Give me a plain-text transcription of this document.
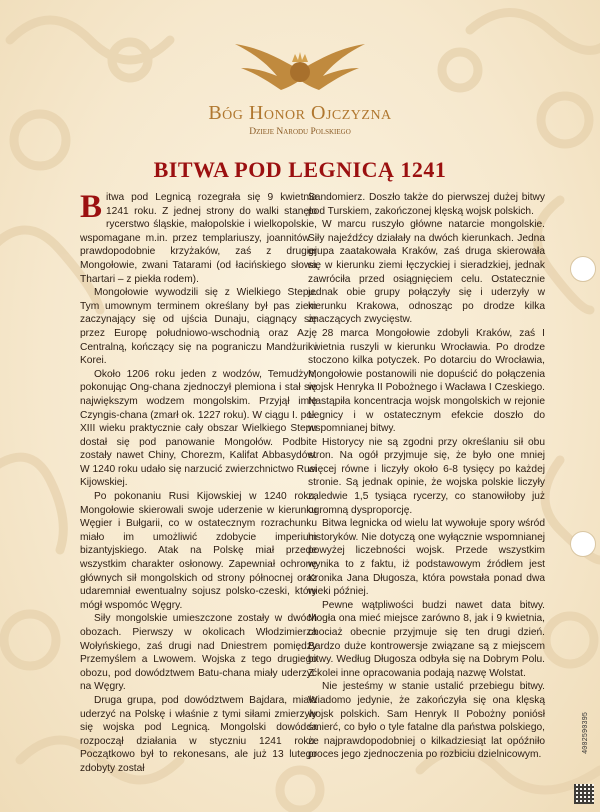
Bóg Honor Ojczyzna
Dzieje Narodu Polskiego
BITWA POD LEGNICĄ 1241

Bitwa pod Legnicą rozegrała się 9 kwietnia 1241 roku. Z jednej strony do walki stanęło rycerstwo śląskie, małopolskie i wielkopolskie, wspomagane m.in. przez templariuszy, joannitów i prawdopodobnie krzyżaków, zaś z drugiej Mongołowie, zwani Tatarami (od łacińskiego słowa Thartari – z piekła rodem).

Mongołowie wywodzili się z Wielkiego Stepu. Tym umownym terminem określany był pas ziem zaczynający się od ujścia Dunaju, ciągnący się przez Europę południowo-wschodnią oraz Azję Centralną, kończący się na pograniczu Mandżurii i Korei.

Około 1206 roku jeden z wodzów, Temudżyn, pokonując Ong-chana zjednoczył plemiona i stał się największym wodzem mongolskim. Przyjął imię Czyngis-chana (zmarł ok. 1227 roku). W ciągu I. poł. XIII wieku praktycznie cały obszar Wielkiego Stepu dostał się pod panowanie Mongołów. Podbite zostały nawet Chiny, Chorezm, Kalifat Abbasydów. W 1240 roku udało się narzucić zwierzchnictwo Rusi Kijowskiej.

Po pokonaniu Rusi Kijowskiej w 1240 roku, Mongołowie skierowali swoje uderzenie w kierunku Węgier i Bułgarii, co w ostatecznym rozrachunku miało im umożliwić zdobycie imperium bizantyjskiego. Atak na Polskę miał przede wszystkim charakter osłonowy. Zapewniał ochronę głównych sił mongolskich od strony północnej oraz udaremniał ewentualny sojusz polsko-czeski, który mógł wspomóc Węgry.

Siły mongolskie umieszczone zostały w dwóch obozach. Pierwszy w okolicach Włodzimierza Wołyńskiego, zaś drugi nad Dniestrem pomiędzy Przemyślem a Lwowem. Wojska z tego drugiego obozu, pod dowództwem Batu-chana miały uderzyć na Węgry.

Druga grupa, pod dowództwem Bajdara, miała uderzyć na Polskę i właśnie z tymi siłami zmierzyły się wojska pod Legnicą. Mongolski dowódca rozpoczął działania w styczniu 1241 roku. Początkowo był to rekonesans, ale już 13 lutego zdobyty został

Sandomierz. Doszło także do pierwszej dużej bitwy pod Turskiem, zakończonej klęską wojsk polskich.

W marcu ruszyło główne natarcie mongolskie. Siły najeźdźcy działały na dwóch kierunkach. Jedna grupa zaatakowała Kraków, zaś druga skierowała się w kierunku ziemi łęczyckiej i sieradzkiej, jednak zawróciła przed osiągnięciem celu. Ostatecznie jednak obie grupy połączyły się i uderzyły w kierunku Krakowa, odnosząc po drodze kilka znaczących zwycięstw.

28 marca Mongołowie zdobyli Kraków, zaś I kwietnia ruszyli w kierunku Wrocławia. Po drodze stoczono kilka potyczek. Po dotarciu do Wrocławia, Mongołowie postanowili nie dopuścić do połączenia wojsk Henryka II Pobożnego i Wacława I Czeskiego. Nastąpiła koncentracja wojsk mongolskich w rejonie Legnicy i w ostatecznym efekcie doszło do wspomnianej bitwy.

Historycy nie są zgodni przy określaniu sił obu stron. Na ogół przyjmuje się, że było one mniej więcej równe i liczyły około 6-8 tysięcy po każdej stronie. Są jednak opinie, że wojska polskie liczyły zaledwie 1,5 tysiąca rycerzy, co stanowiłoby już ogromną dysproporcję.

Bitwa legnicka od wielu lat wywołuje spory wśród historyków. Nie dotyczą one wyłącznie wspomnianej powyżej liczebności wojsk. Przede wszystkim wynika to z faktu, iż podstawowym źródłem jest Kronika Jana Długosza, która powstała ponad dwa wieki później.

Pewne wątpliwości budzi nawet data bitwy. Mogła ona mieć miejsce zarówno 8, jak i 9 kwietnia, chociaż obecnie przyjmuje się ten drugi dzień. Bardzo duże kontrowersje związane są z miejscem bitwy. Według Długosza odbyła się na Dobrym Polu. Z kolei inne opracowania podają nazwę Wolstat.

Nie jesteśmy w stanie ustalić przebiegu bitwy. Wiadomo jedynie, że zakończyła się ona klęską wojsk polskich. Sam Henryk II Pobożny poniósł śmierć, co było o tyle fatalne dla państwa polskiego, że najprawdopodobniej o kilkadziesiąt lat opóźniło proces jego zjednoczenia po rozbiciu dzielnicowym.

4002590395
